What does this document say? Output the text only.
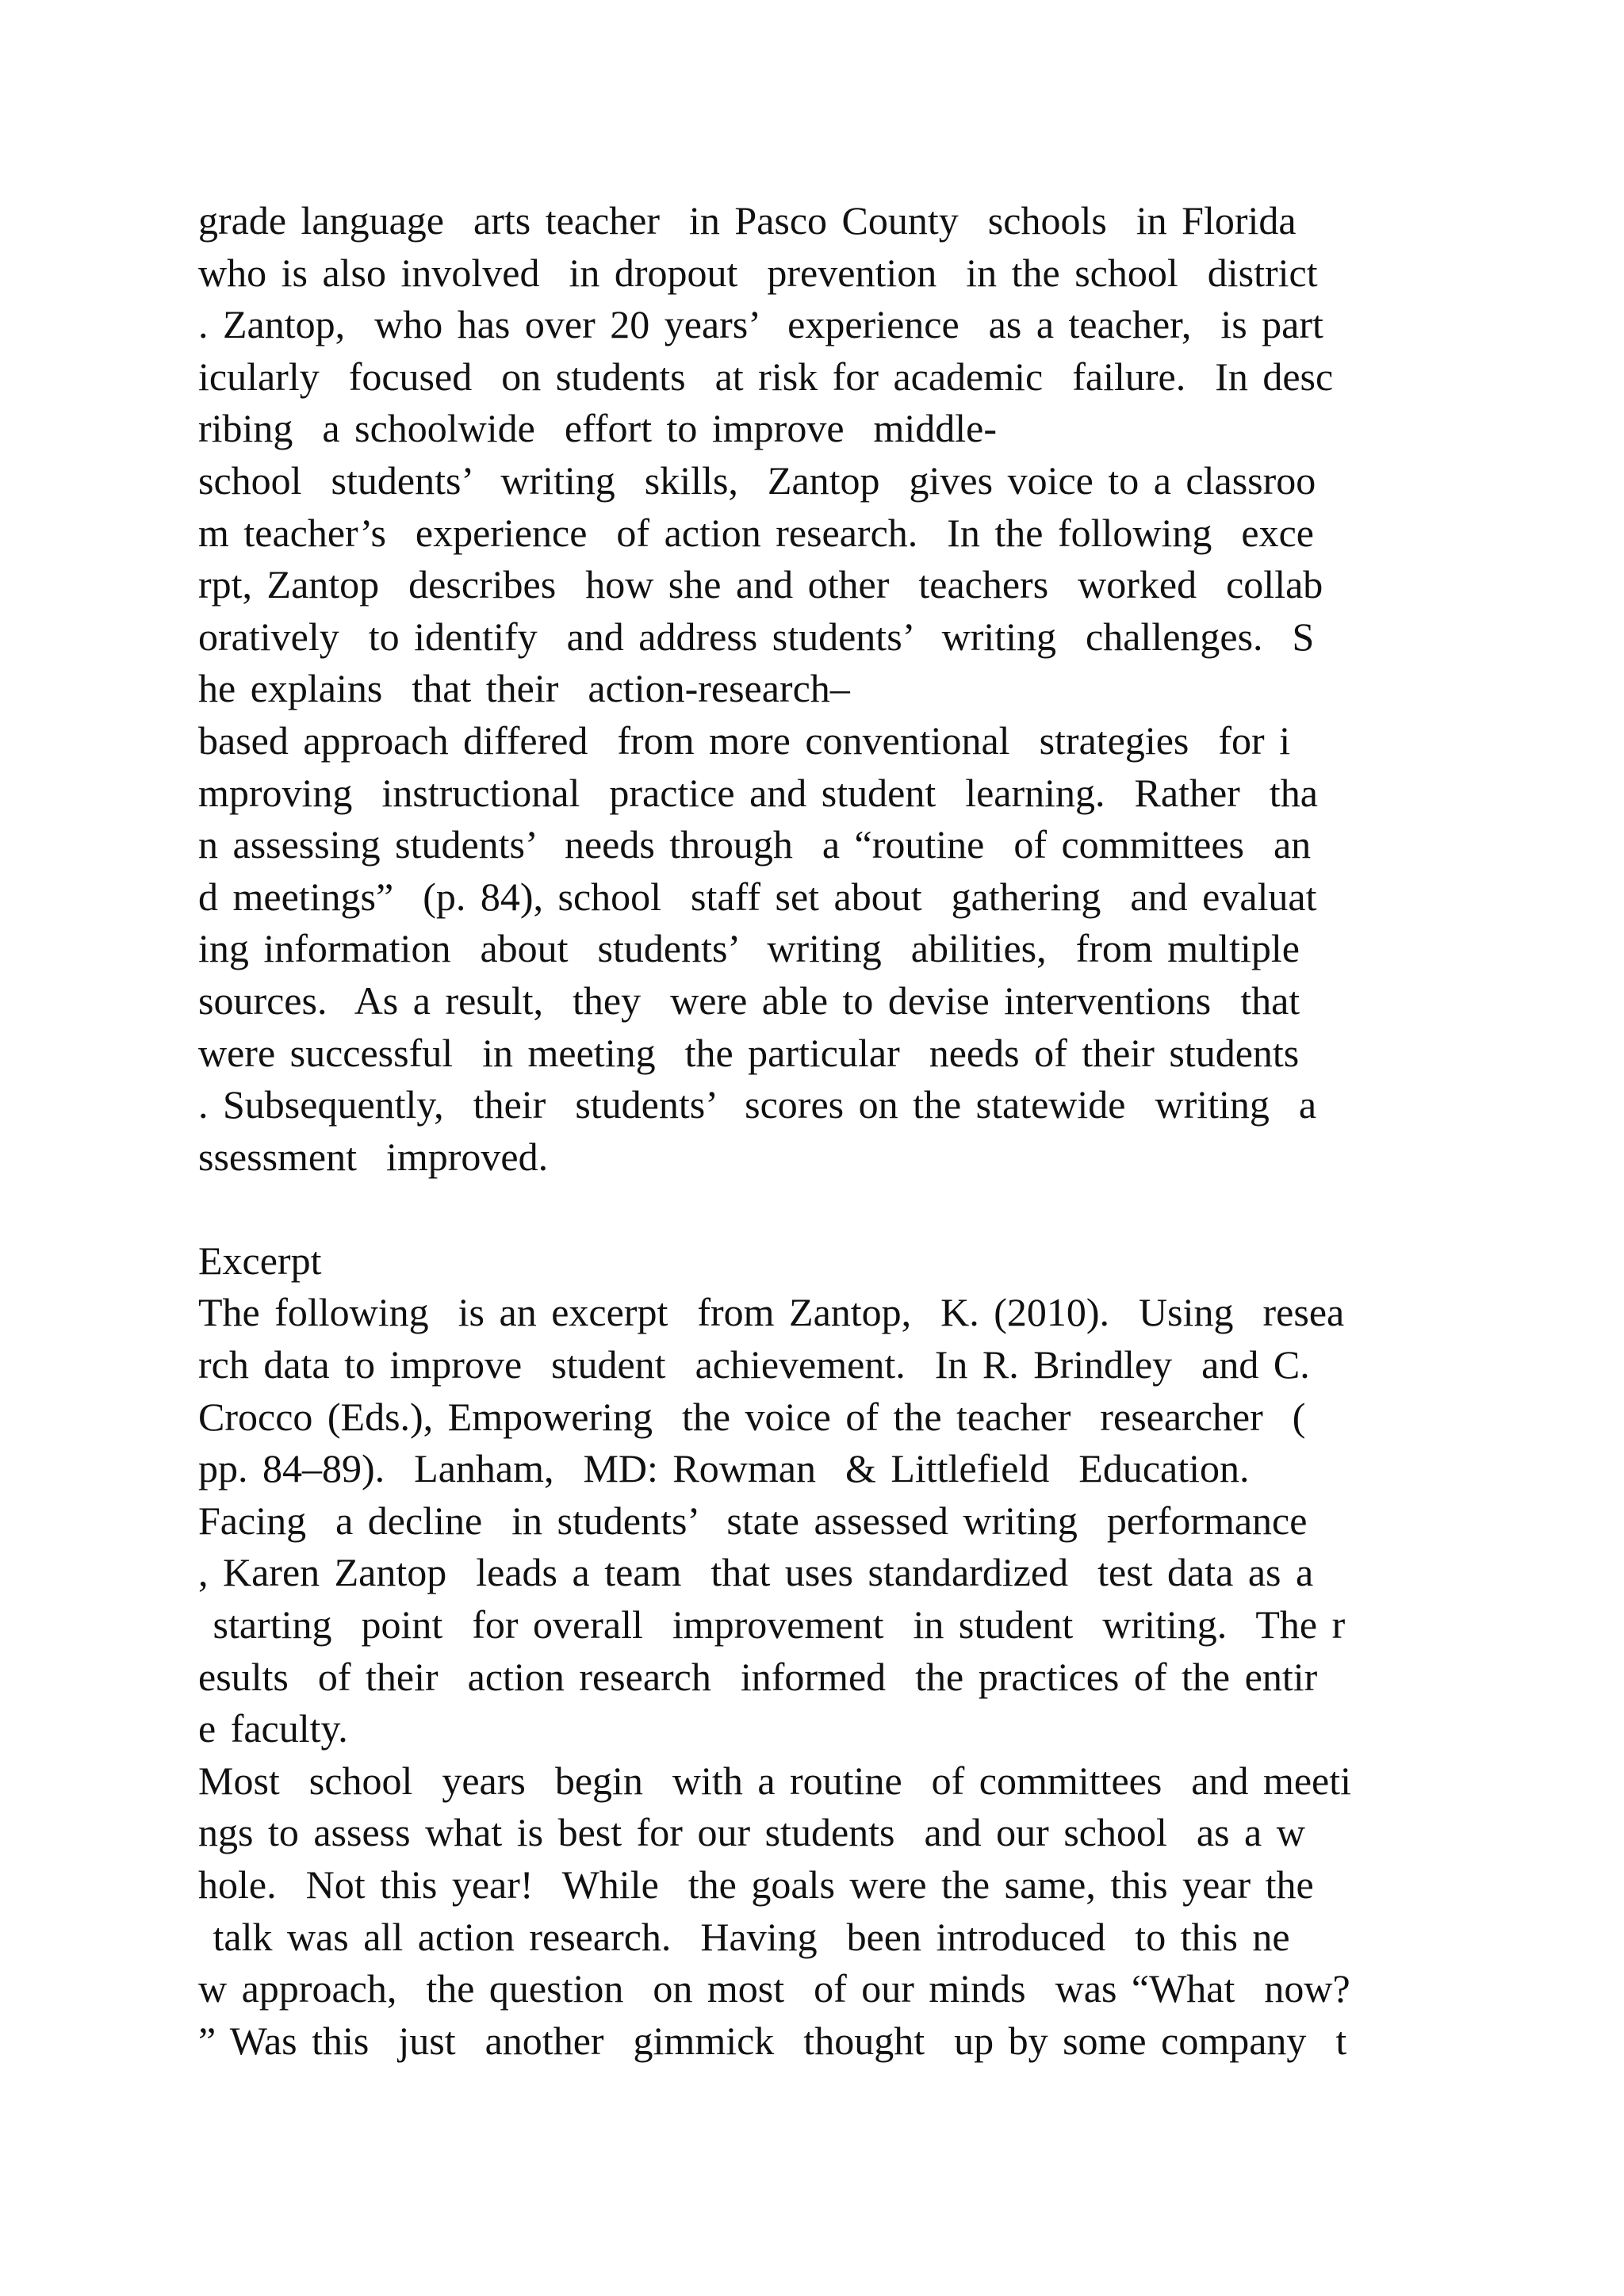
grade language  arts teacher  in Pasco County  schools  in Florida
who is also involved  in dropout  prevention  in the school  district
. Zantop,  who has over 20 years’  experience  as a teacher,  is part
icularly  focused  on students  at risk for academic  failure.  In desc
ribing  a schoolwide  effort to improve  middle-
school  students’  writing  skills,  Zantop  gives voice to a classroo
m teacher’s  experience  of action research.  In the following  exce
rpt, Zantop  describes  how she and other  teachers  worked  collab
oratively  to identify  and address students’  writing  challenges.  S
he explains  that their  action-research–
based approach differed  from more conventional  strategies  for i
mproving  instructional  practice and student  learning.  Rather  tha
n assessing students’  needs through  a “routine  of committees  an
d meetings”  (p. 84), school  staff set about  gathering  and evaluat
ing information  about  students’  writing  abilities,  from multiple
sources.  As a result,  they  were able to devise interventions  that
were successful  in meeting  the particular  needs of their students
. Subsequently,  their  students’  scores on the statewide  writing  a
ssessment  improved.
Excerpt
The following  is an excerpt  from Zantop,  K. (2010).  Using  resea
rch data to improve  student  achievement.  In R. Brindley  and C.
Crocco (Eds.), Empowering  the voice of the teacher  researcher  (
pp. 84–89).  Lanham,  MD: Rowman  & Littlefield  Education.
Facing  a decline  in students’  state assessed writing  performance
, Karen Zantop  leads a team  that uses standardized  test data as a
starting  point  for overall  improvement  in student  writing.  The r
esults  of their  action research  informed  the practices of the entir
e faculty.
Most  school  years  begin  with a routine  of committees  and meeti
ngs to assess what is best for our students  and our school  as a w
hole.  Not this year!  While  the goals were the same, this year the
talk was all action research.  Having  been introduced  to this ne
w approach,  the question  on most  of our minds  was “What  now?
” Was this  just  another  gimmick  thought  up by some company  t
